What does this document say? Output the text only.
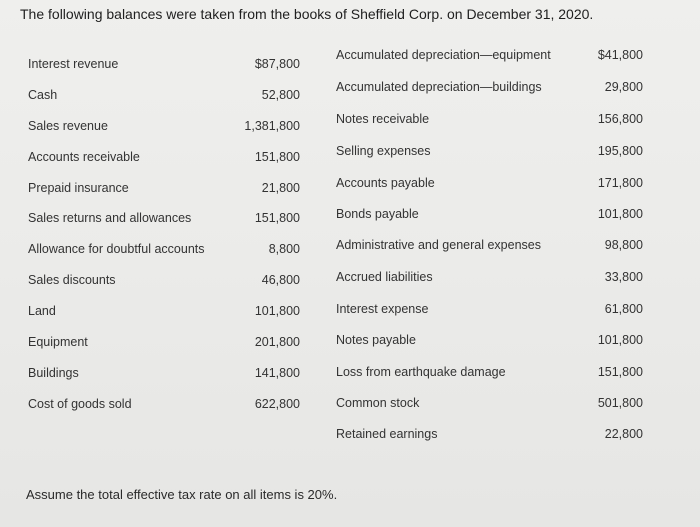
The following balances were taken from the books of Sheffield Corp. on December 31, 2020.
Interest revenue	$87,800
Cash	52,800
Sales revenue	1,381,800
Accounts receivable	151,800
Prepaid insurance	21,800
Sales returns and allowances	151,800
Allowance for doubtful accounts	8,800
Sales discounts	46,800
Land	101,800
Equipment	201,800
Buildings	141,800
Cost of goods sold	622,800
Accumulated depreciation—equipment	$41,800
Accumulated depreciation—buildings	29,800
Notes receivable	156,800
Selling expenses	195,800
Accounts payable	171,800
Bonds payable	101,800
Administrative and general expenses	98,800
Accrued liabilities	33,800
Interest expense	61,800
Notes payable	101,800
Loss from earthquake damage	151,800
Common stock	501,800
Retained earnings	22,800
Assume the total effective tax rate on all items is 20%.
